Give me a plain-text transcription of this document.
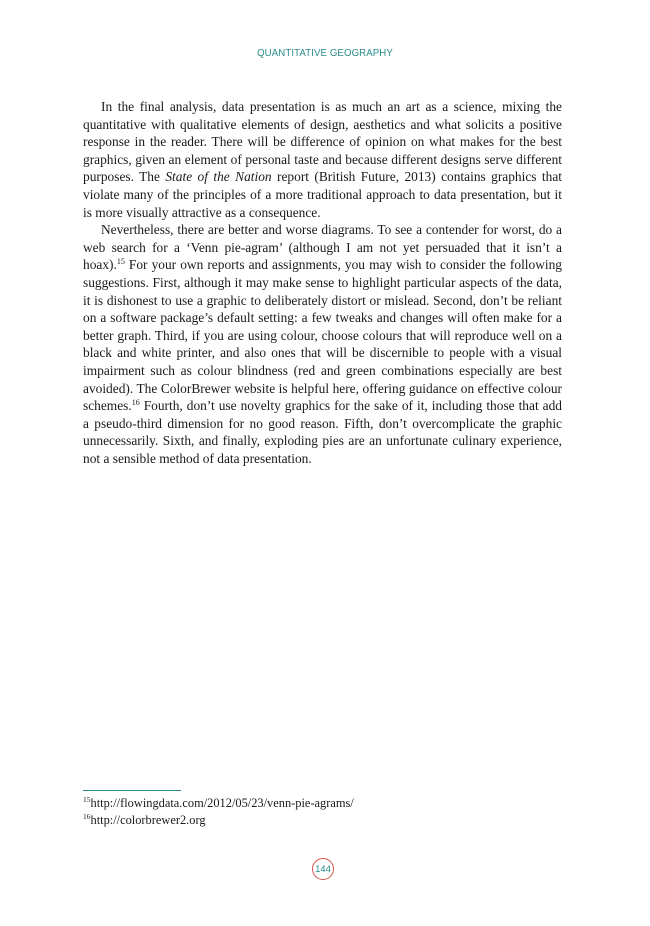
QUANTITATIVE GEOGRAPHY

In the final analysis, data presentation is as much an art as a science, mixing the quantitative with qualitative elements of design, aesthetics and what solicits a positive response in the reader. There will be difference of opinion on what makes for the best graphics, given an element of personal taste and because different designs serve different purposes. The State of the Nation report (British Future, 2013) contains graphics that violate many of the principles of a more traditional approach to data presentation, but it is more visually attractive as a consequence.

Nevertheless, there are better and worse diagrams. To see a contender for worst, do a web search for a ‘Venn pie-agram’ (although I am not yet persuaded that it isn’t a hoax).$^{15}$ For your own reports and assignments, you may wish to consider the following suggestions. First, although it may make sense to highlight particular aspects of the data, it is dishonest to use a graphic to deliberately distort or mislead. Second, don’t be reliant on a software package’s default setting: a few tweaks and changes will often make for a better graph. Third, if you are using colour, choose colours that will reproduce well on a black and white printer, and also ones that will be discernible to people with a visual impairment such as colour blindness (red and green combinations especially are best avoided). The ColorBrewer website is helpful here, offering guidance on effective colour schemes.$^{16}$ Fourth, don’t use novelty graphics for the sake of it, including those that add a pseudo-third dimension for no good reason. Fifth, don’t overcomplicate the graphic unnecessarily. Sixth, and finally, exploding pies are an unfortunate culinary experience, not a sensible method of data presentation.

$^{15}$http://flowingdata.com/2012/05/23/venn-pie-agrams/
$^{16}$http://colorbrewer2.org
144
